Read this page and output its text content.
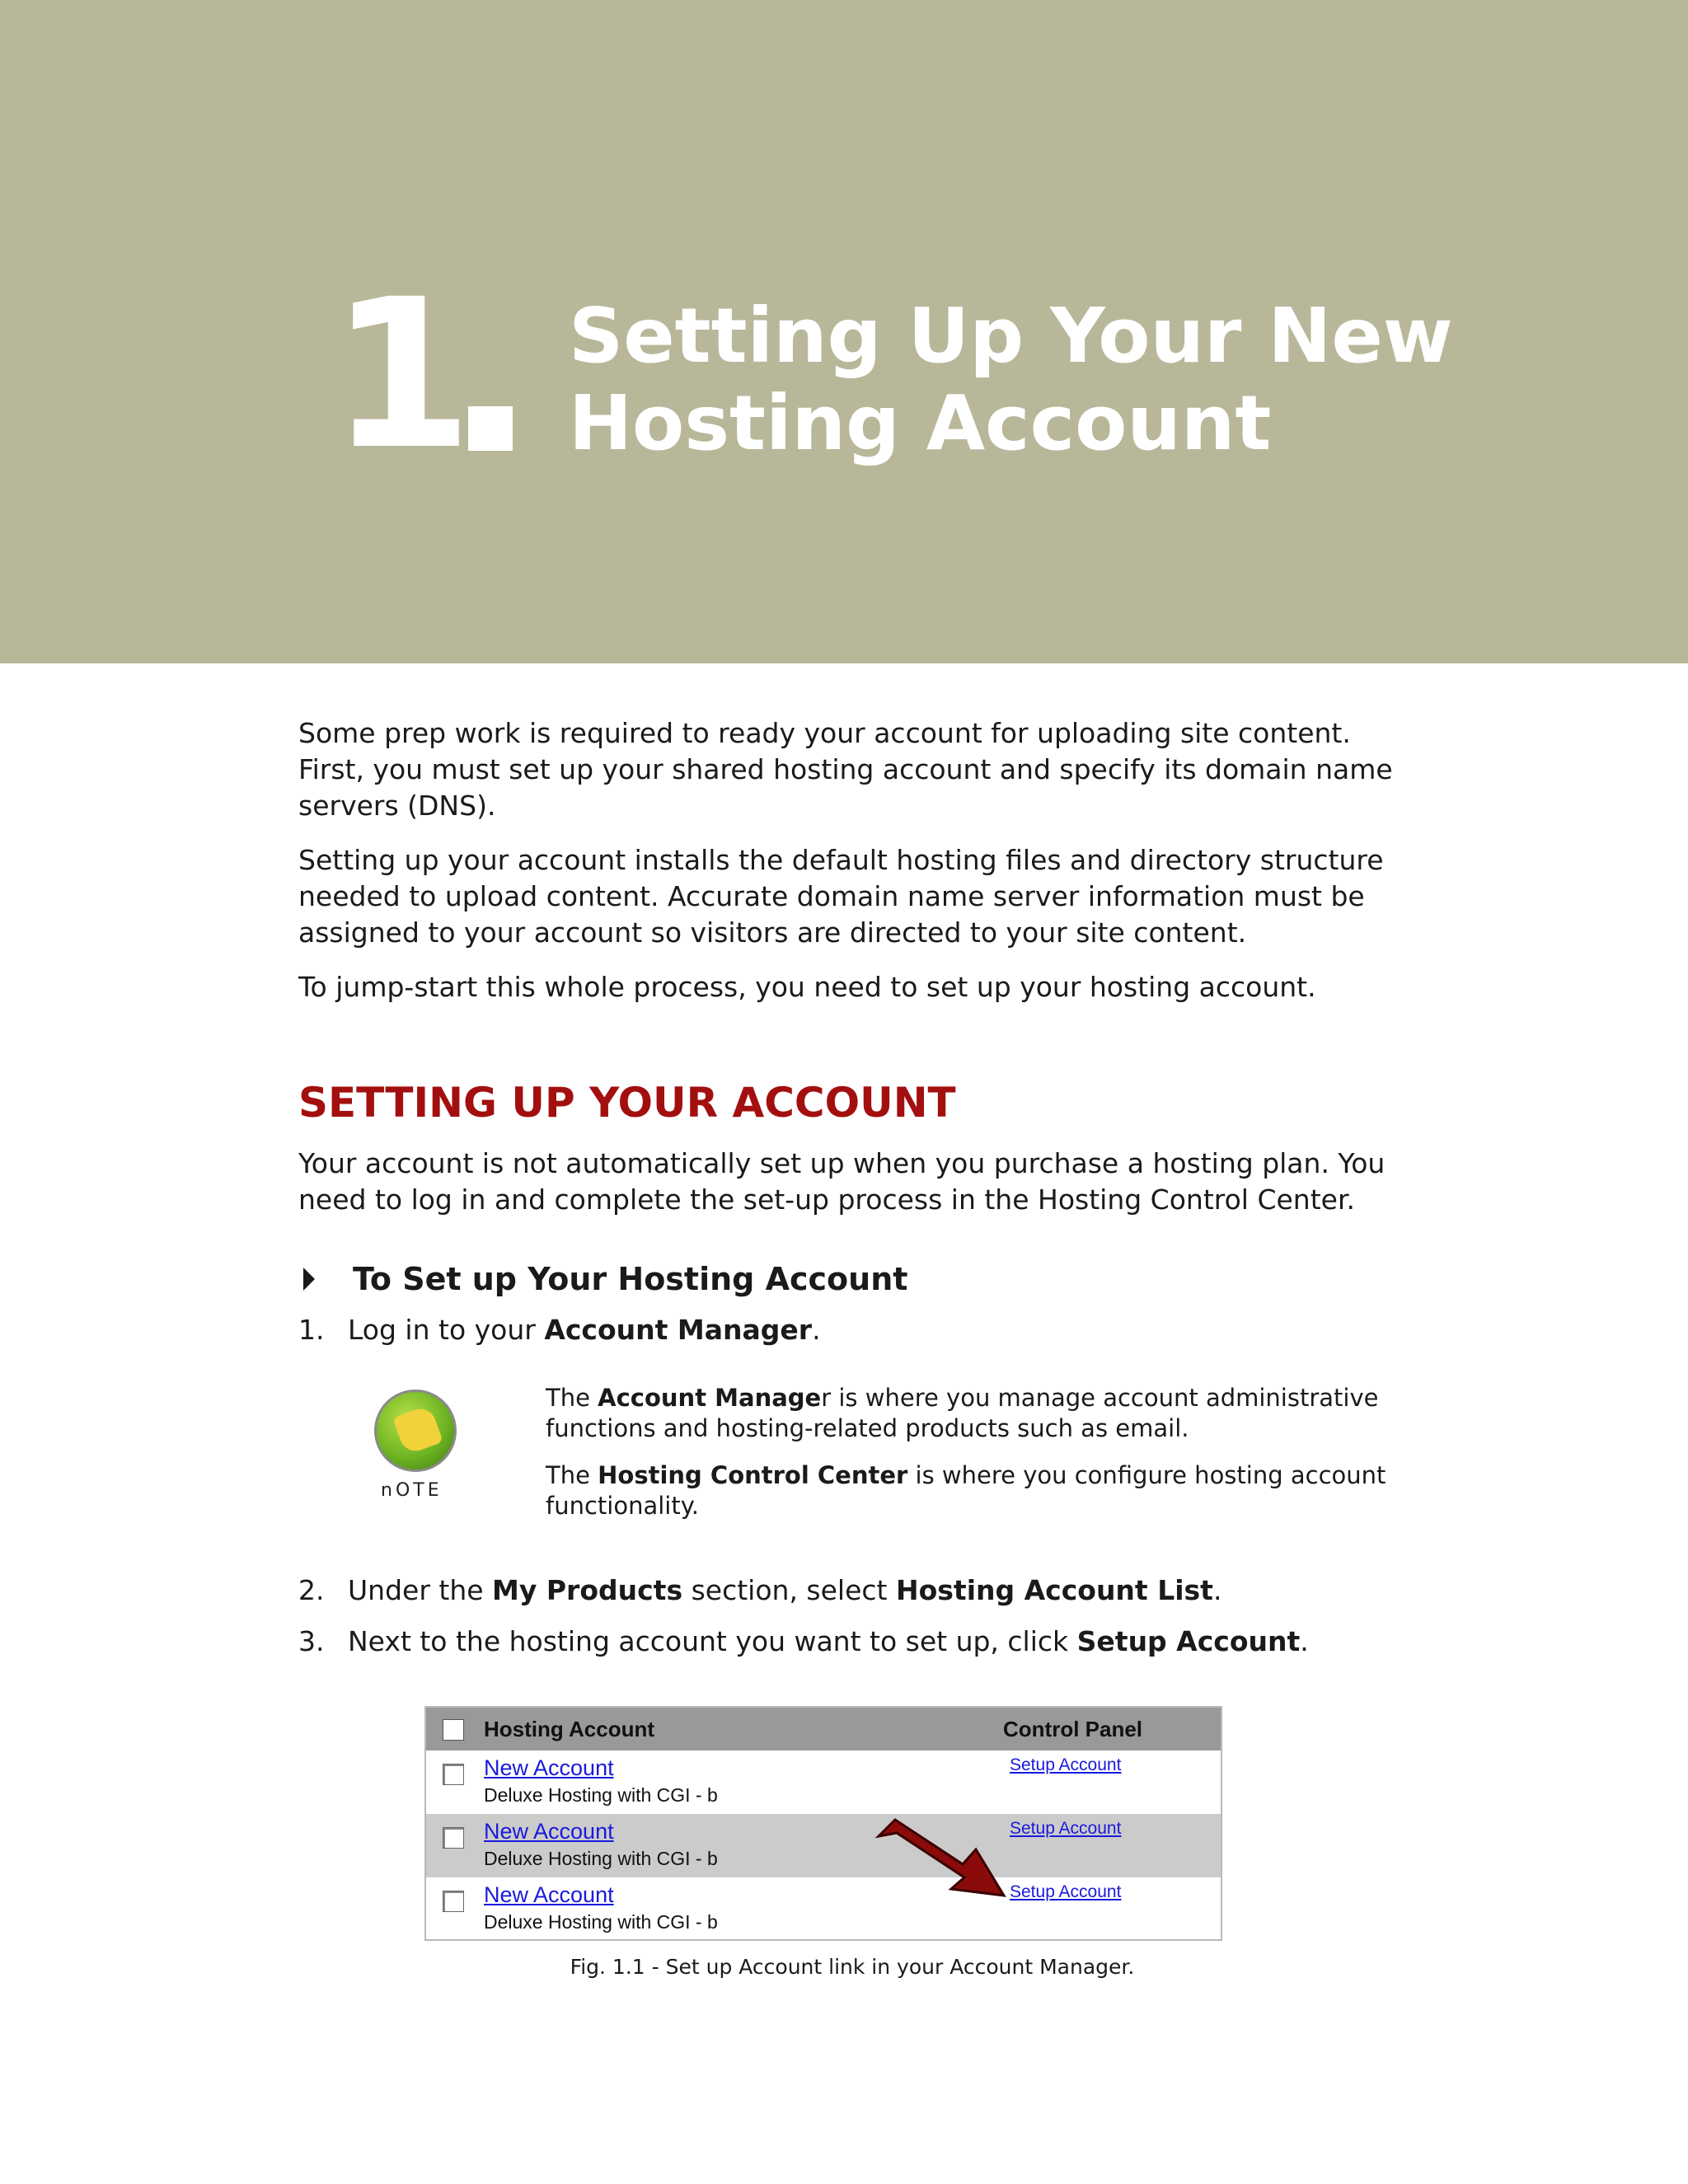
1 Setting Up Your New
Hosting Account

Some prep work is required to ready your account for uploading site content. First, you must set up your shared hosting account and specify its domain name servers (DNS).

Setting up your account installs the default hosting files and directory structure needed to upload content. Accurate domain name server information must be assigned to your account so visitors are directed to your site content.

To jump-start this whole process, you need to set up your hosting account.

SETTING UP YOUR ACCOUNT

Your account is not automatically set up when you purchase a hosting plan. You need to log in and complete the set-up process in the Hosting Control Center.

To Set up Your Hosting Account
1. Log in to your Account Manager.
nOTE

The Account Manager is where you manage account administrative functions and hosting-related products such as email.

The Hosting Control Center is where you configure hosting account functionality.

2. Under the My Products section, select Hosting Account List.
3. Next to the hosting account you want to set up, click Setup Account.
Hosting Account	Control Panel
New Account
Deluxe Hosting with CGI - b
Setup Account
New Account
Deluxe Hosting with CGI - b
Setup Account
New Account
Deluxe Hosting with CGI - b
Setup Account
Fig. 1.1 - Set up Account link in your Account Manager.
